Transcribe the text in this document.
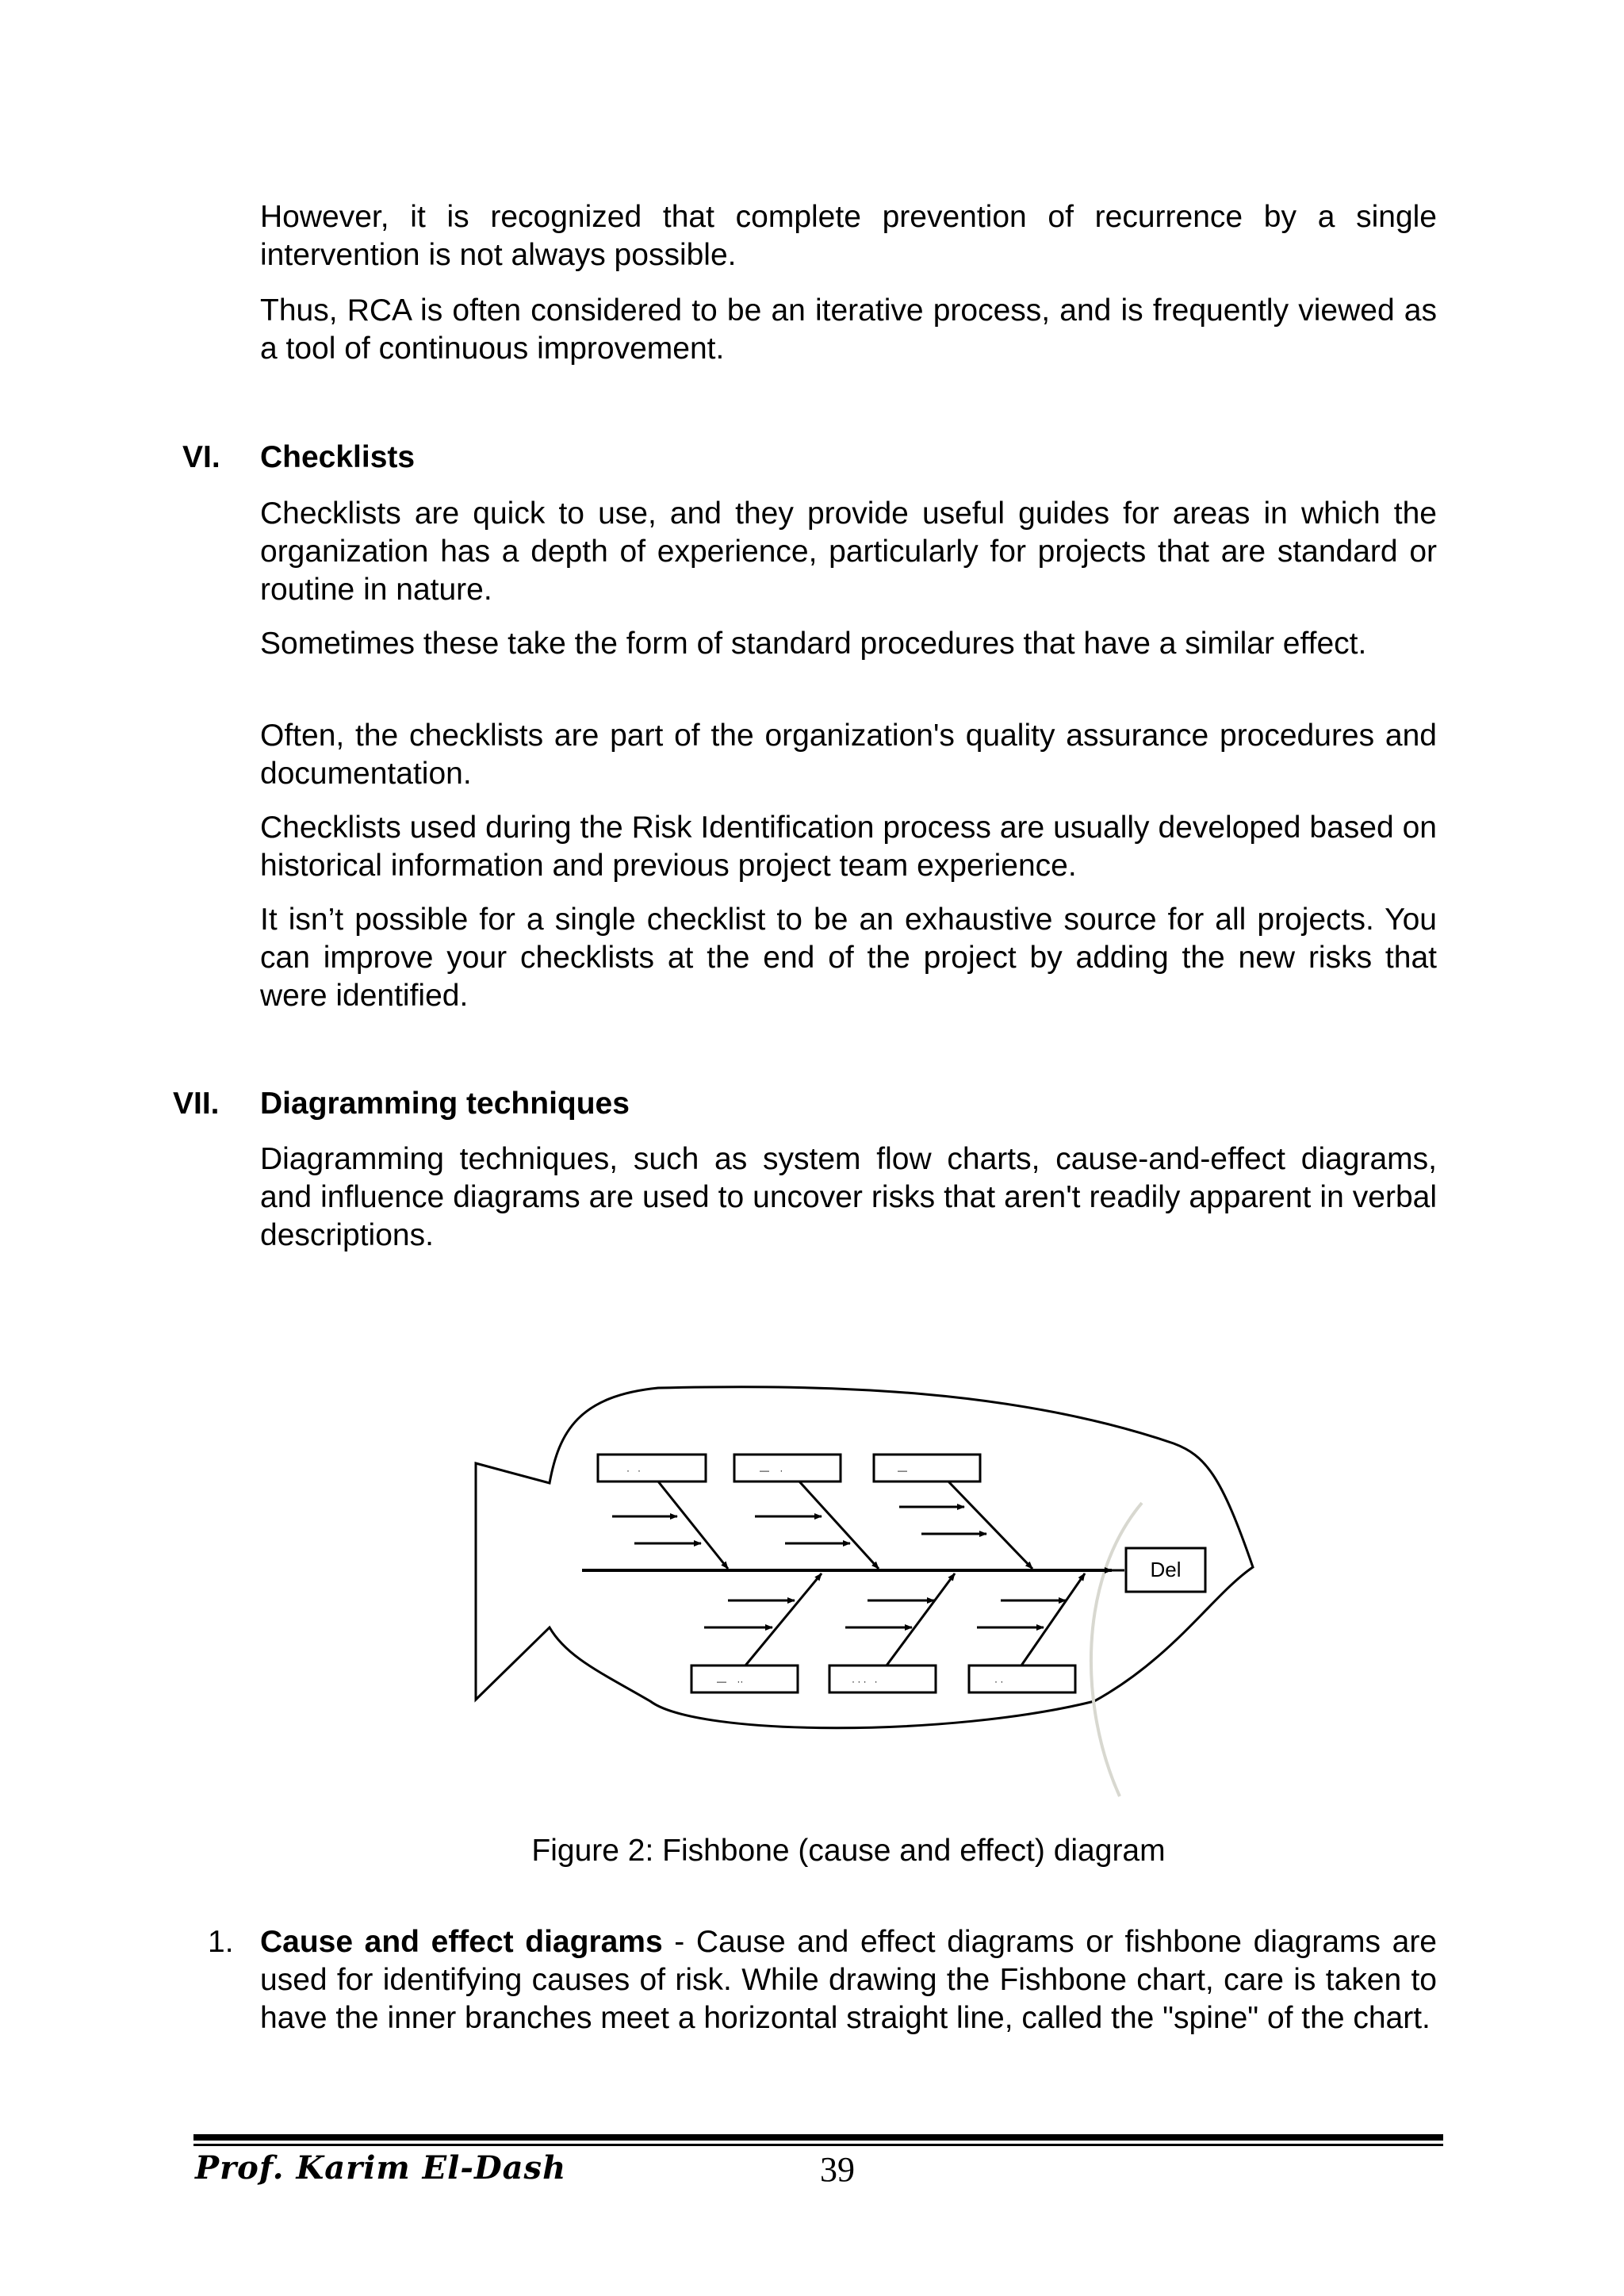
However, it is recognized that complete prevention of recurrence by a single intervention is not always possible.

Thus, RCA is often considered to be an iterative process, and is frequently viewed as a tool of continuous improvement.

VI. Checklists

Checklists are quick to use, and they provide useful guides for areas in which the organization has a depth of experience, particularly for projects that are standard or routine in nature.

Sometimes these take the form of standard procedures that have a similar effect.

Often, the checklists are part of the organization's quality assurance procedures and documentation.

Checklists used during the Risk Identification process are usually developed based on historical information and previous project team experience.

It isn’t possible for a single checklist to be an exhaustive source for all projects. You can improve your checklists at the end of the project by adding the new risks that were identified.

VII. Diagramming techniques

Diagramming techniques, such as system flow charts, cause-and-effect diagrams, and influence diagrams are used to uncover risks that aren't readily apparent in verbal descriptions.

Del
·   ·	—    ·	—
—    ··	· · ·   ·	· ·
Figure 2: Fishbone (cause and effect) diagram
1. Cause and effect diagrams - Cause and effect diagrams or fishbone diagrams are used for identifying causes of risk. While drawing the Fishbone chart, care is taken to have the inner branches meet a horizontal straight line, called the "spine" of the chart.

Prof. Karim El-Dash	39
